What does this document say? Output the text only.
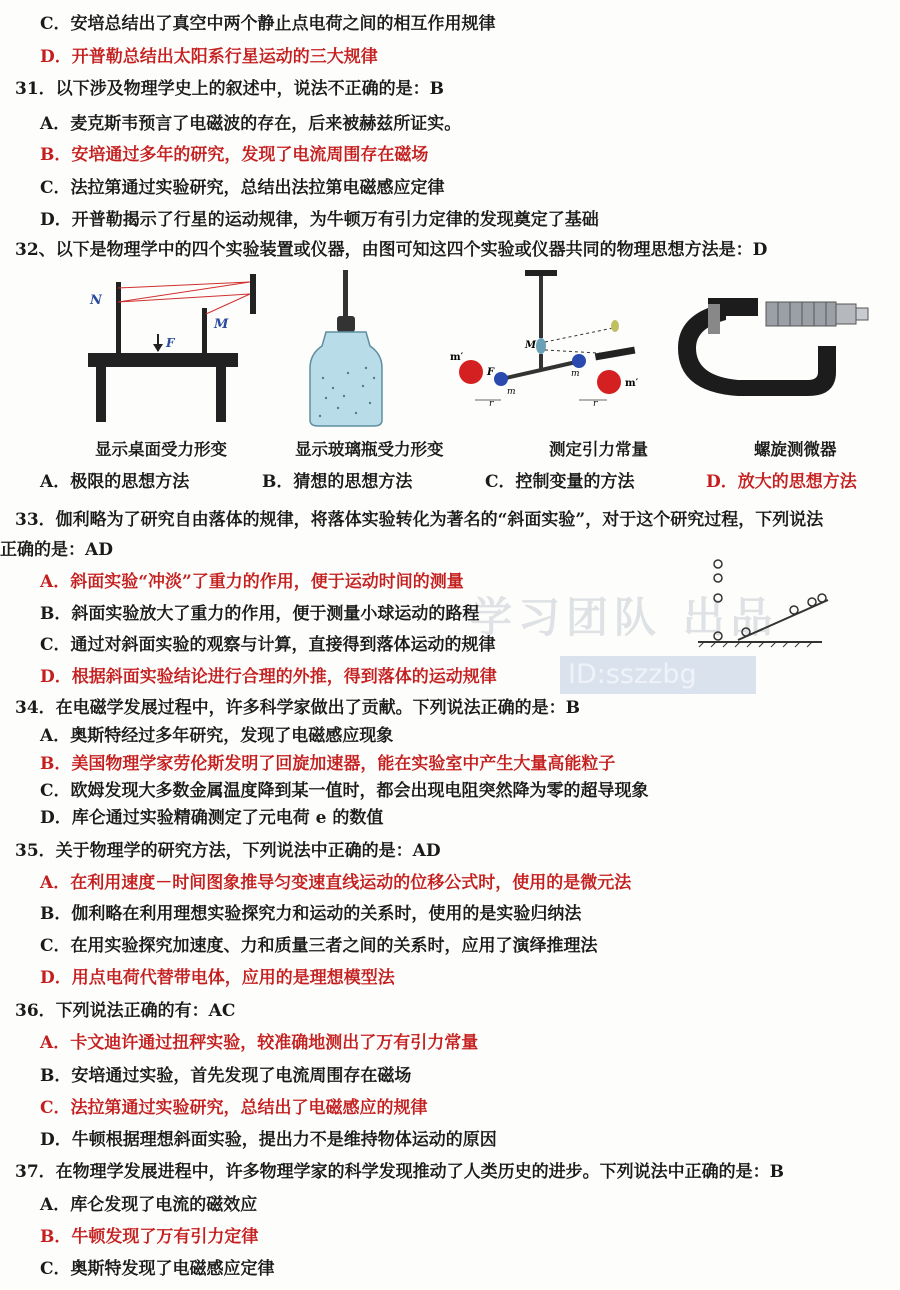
学习团队 出品
ID:sszzbg
C．安培总结出了真空中两个静止点电荷之间的相互作用规律
D．开普勒总结出太阳系行星运动的三大规律
31．以下涉及物理学史上的叙述中，说法不正确的是：B
A．麦克斯韦预言了电磁波的存在，后来被赫兹所证实。
B．安培通过多年的研究，发现了电流周围存在磁场
C．法拉第通过实验研究，总结出法拉第电磁感应定律
D．开普勒揭示了行星的运动规律，为牛顿万有引力定律的发现奠定了基础
32、以下是物理学中的四个实验装置或仪器，由图可知这四个实验或仪器共同的物理思想方法是：D
N
M
F
m′
m′
M
F
m
m
r	r
显示桌面受力形变	显示玻璃瓶受力形变	测定引力常量	螺旋测微器
A．极限的思想方法	B．猜想的思想方法	C．控制变量的方法	D．放大的思想方法
33．伽利略为了研究自由落体的规律，将落体实验转化为著名的“斜面实验”，对于这个研究过程，下列说法
正确的是：AD
A．斜面实验“冲淡”了重力的作用，便于运动时间的测量
B．斜面实验放大了重力的作用，便于测量小球运动的路程
C．通过对斜面实验的观察与计算，直接得到落体运动的规律
D．根据斜面实验结论进行合理的外推，得到落体的运动规律
34．在电磁学发展过程中，许多科学家做出了贡献。下列说法正确的是：B
A．奥斯特经过多年研究，发现了电磁感应现象
B．美国物理学家劳伦斯发明了回旋加速器，能在实验室中产生大量高能粒子
C．欧姆发现大多数金属温度降到某一值时，都会出现电阻突然降为零的超导现象
D．库仑通过实验精确测定了元电荷 e 的数值
35．关于物理学的研究方法，下列说法中正确的是：AD
A．在利用速度－时间图象推导匀变速直线运动的位移公式时，使用的是微元法
B．伽利略在利用理想实验探究力和运动的关系时，使用的是实验归纳法
C．在用实验探究加速度、力和质量三者之间的关系时，应用了演绎推理法
D．用点电荷代替带电体，应用的是理想模型法
36．下列说法正确的有：AC
A．卡文迪许通过扭秤实验，较准确地测出了万有引力常量
B．安培通过实验，首先发现了电流周围存在磁场
C．法拉第通过实验研究，总结出了电磁感应的规律
D．牛顿根据理想斜面实验，提出力不是维持物体运动的原因
37．在物理学发展进程中，许多物理学家的科学发现推动了人类历史的进步。下列说法中正确的是：B
A．库仑发现了电流的磁效应
B．牛顿发现了万有引力定律
C．奥斯特发现了电磁感应定律
